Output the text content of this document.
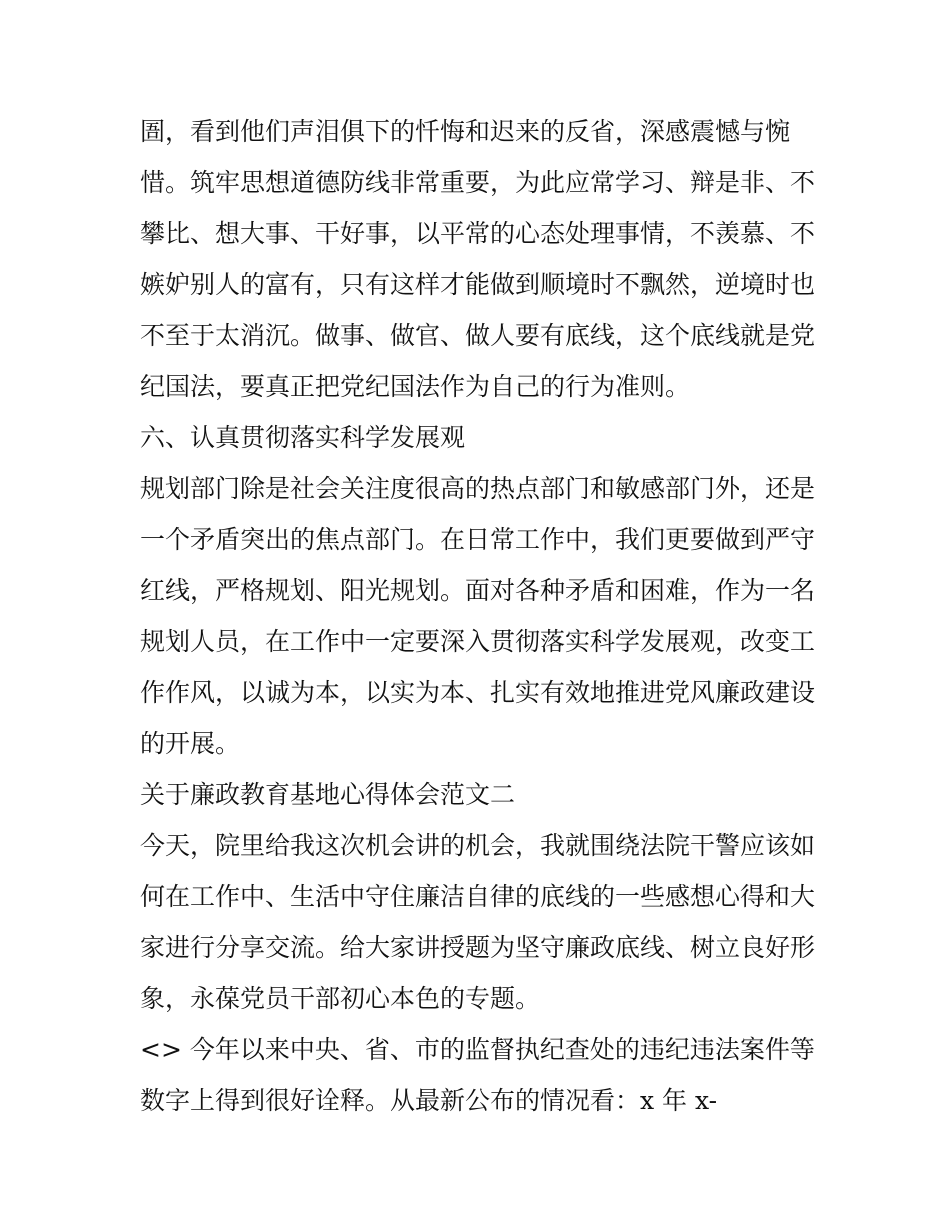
圄，看到他们声泪俱下的忏悔和迟来的反省，深感震憾与惋
惜。筑牢思想道德防线非常重要，为此应常学习、辩是非、不
攀比、想大事、干好事，以平常的心态处理事情，不羡慕、不
嫉妒别人的富有，只有这样才能做到顺境时不飘然，逆境时也
不至于太消沉。做事、做官、做人要有底线，这个底线就是党
纪国法，要真正把党纪国法作为自己的行为准则。
六、认真贯彻落实科学发展观
规划部门除是社会关注度很高的热点部门和敏感部门外，还是
一个矛盾突出的焦点部门。在日常工作中，我们更要做到严守
红线，严格规划、阳光规划。面对各种矛盾和困难，作为一名
规划人员，在工作中一定要深入贯彻落实科学发展观，改变工
作作风，以诚为本，以实为本、扎实有效地推进党风廉政建设
的开展。
关于廉政教育基地心得体会范文二
今天，院里给我这次机会讲的机会，我就围绕法院干警应该如
何在工作中、生活中守住廉洁自律的底线的一些感想心得和大
家进行分享交流。给大家讲授题为坚守廉政底线、树立良好形
象，永葆党员干部初心本色的专题。
<> 今年以来中央、省、市的监督执纪查处的违纪违法案件等
数字上得到很好诠释。从最新公布的情况看：x 年 x-
